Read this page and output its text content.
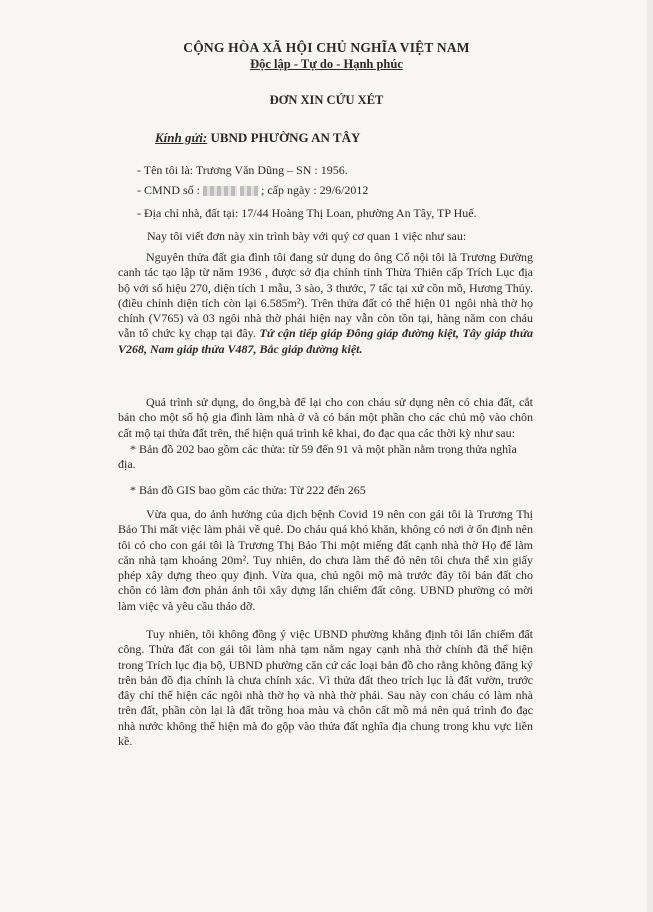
CỘNG HÒA XÃ HỘI CHỦ NGHĨA VIỆT NAM
Độc lập - Tự do - Hạnh phúc
ĐƠN XIN CỨU XÉT
Kính gửi: UBND PHƯỜNG AN TÂY
- Tên tôi là: Trương Văn Dũng – SN : 1956.
- CMND số :	; cấp ngày : 29/6/2012
- Địa chỉ nhà, đất tại: 17/44 Hoàng Thị Loan, phường An Tây, TP Huế.
Nay tôi viết đơn này xin trình bày với quý cơ quan 1 việc như sau:

Nguyên thửa đất gia đình tôi đang sử dụng do ông Cố nội tôi là Trương Đường canh tác tạo lập từ năm 1936 , được sở địa chính tỉnh Thừa Thiên cấp Trích Lục địa bộ với số hiệu 270, diện tích 1 mẫu, 3 sào, 3 thước, 7 tấc tại xứ cồn mồ, Hương Thủy. (điều chỉnh diện tích còn lại 6.585m²). Trên thửa đất có thể hiện 01 ngôi nhà thờ họ chính (V765) và 03 ngôi nhà thờ phái hiện nay vẫn còn tồn tại, hàng năm con cháu vẫn tổ chức kỵ chạp tại đây. Tứ cận tiếp giáp Đông giáp đường kiệt, Tây giáp thửa V268, Nam giáp thửa V487, Bắc giáp đường kiệt.

Quá trình sử dụng, do ông,bà để lại cho con cháu sử dụng nên có chia đất, cắt bán cho một số hộ gia đình làm nhà ở và có bán một phần cho các chủ mộ vào chôn cất mộ tại thửa đất trên, thể hiện quá trình kê khai, đo đạc qua các thời kỳ như sau:

* Bản đồ 202 bao gồm các thửa: từ 59 đến 91 và một phần nằm trong thửa nghĩa địa.

* Bản đồ GIS bao gồm các thửa: Từ 222 đến 265

Vừa qua, do ảnh hưởng của dịch bệnh Covid 19 nên con gái tôi là Trương Thị Bảo Thi mất việc làm phải về quê. Do cháu quá khó khăn, không có nơi ở ổn định nên tôi có cho con gái tôi là Trương Thị Bảo Thi một miếng đất cạnh nhà thờ Họ để làm căn nhà tạm khoảng 20m². Tuy nhiên, do chưa làm thể đỏ nên tôi chưa thể xin giấy phép xây dựng theo quy định. Vừa qua, chủ ngôi mộ mà trước đây tôi bán đất cho chôn có làm đơn phản ánh tôi xây dựng lấn chiếm đất công. UBND phường có mời làm việc và yêu cầu tháo dỡ.

Tuy nhiên, tôi không đồng ý việc UBND phường khẳng định tôi lấn chiếm đất công. Thửa đất con gái tôi làm nhà tạm nằm ngay cạnh nhà thờ chính đã thể hiện trong Trích lục địa bộ, UBND phường căn cứ các loại bản đồ cho rằng không đăng ký trên bản đồ địa chính là chưa chính xác. Vì thửa đất theo trích lục là đất vườn, trước đây chỉ thể hiện các ngôi nhà thờ họ và nhà thờ phái. Sau này con cháu có làm nhà trên đất, phần còn lại là đất trồng hoa màu và chôn cất mồ mả nên quá trình đo đạc nhà nước không thể hiện mà đo gộp vào thửa đất nghĩa địa chung trong khu vực liền kề.
